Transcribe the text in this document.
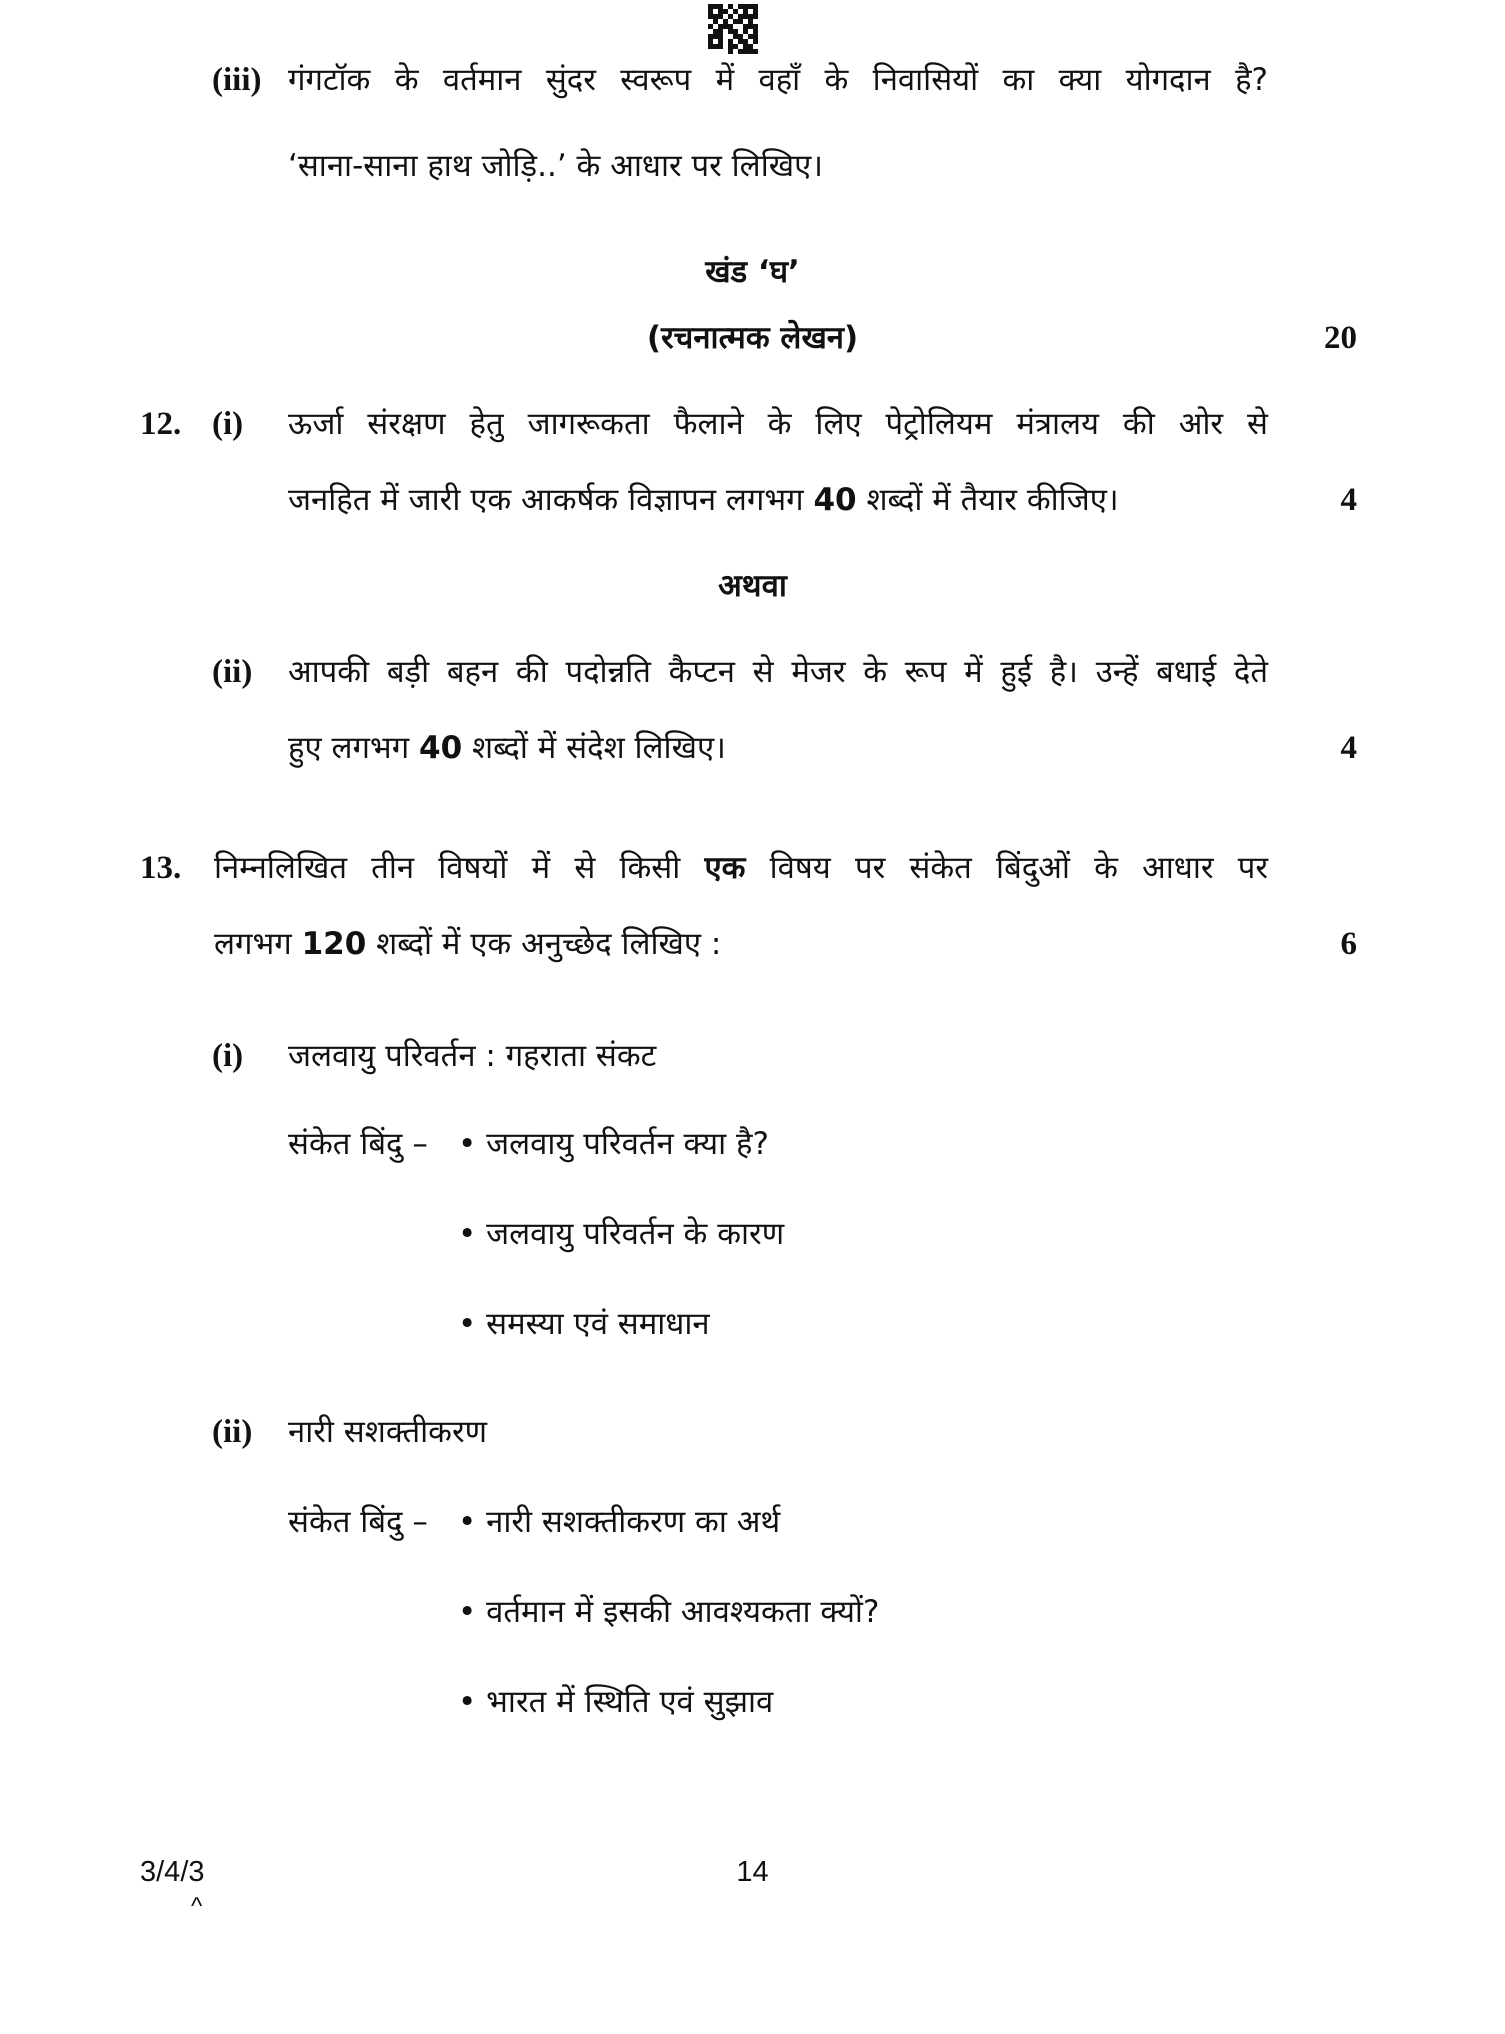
(iii) गंगटॉक के वर्तमान सुंदर स्वरूप में वहाँ के निवासियों का क्या योगदान है?
‘साना-साना हाथ जोड़ि..’ के आधार पर लिखिए।
खंड ‘घ’
(रचनात्मक लेखन)	20
12. (i) ऊर्जा संरक्षण हेतु जागरूकता फैलाने के लिए पेट्रोलियम मंत्रालय की ओर से
जनहित में जारी एक आकर्षक विज्ञापन लगभग 40 शब्दों में तैयार कीजिए।	4
अथवा
(ii) आपकी बड़ी बहन की पदोन्नति कैप्टन से मेजर के रूप में हुई है। उन्हें बधाई देते
हुए लगभग 40 शब्दों में संदेश लिखिए।	4
13. निम्नलिखित तीन विषयों में से किसी एक विषय पर संकेत बिंदुओं के आधार पर
लगभग 120 शब्दों में एक अनुच्छेद लिखिए :	6
(i) जलवायु परिवर्तन : गहराता संकट
संकेत बिंदु – • जलवायु परिवर्तन क्या है?
• जलवायु परिवर्तन के कारण
• समस्या एवं समाधान
(ii) नारी सशक्तीकरण
संकेत बिंदु – • नारी सशक्तीकरण का अर्थ
• वर्तमान में इसकी आवश्यकता क्यों?
• भारत में स्थिति एवं सुझाव
3/4/3
^
14
